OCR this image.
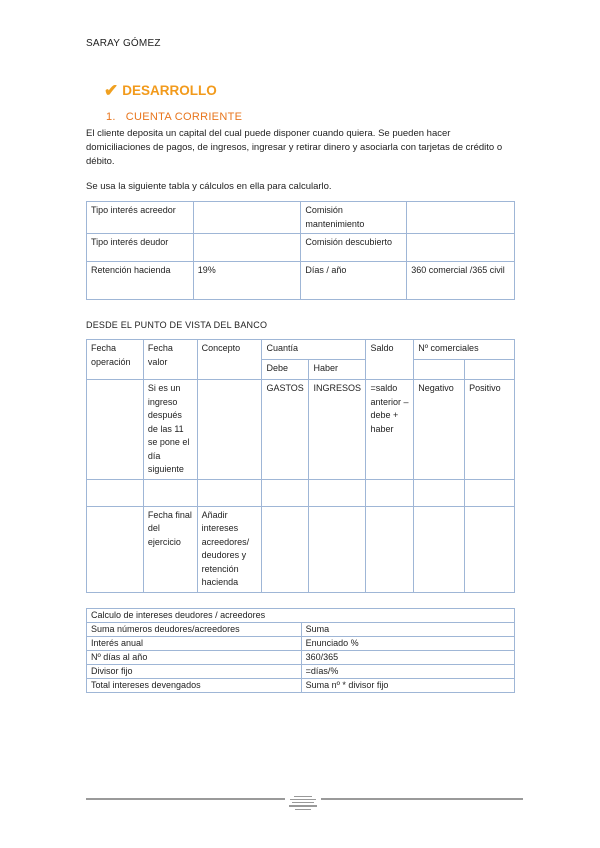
SARAY GÓMEZ
✔ DESARROLLO
1. CUENTA CORRIENTE
El cliente deposita un capital del cual puede disponer cuando quiera. Se pueden hacer domiciliaciones de pagos, de ingresos, ingresar y retirar dinero y asociarla con tarjetas de crédito o débito.
Se usa la siguiente tabla y cálculos en ella para calcularlo.
Tipo interés acreedor		Comisión mantenimiento	
Tipo interés deudor		Comisión descubierto	
Retención hacienda	19%	Días / año	360 comercial /365 civil
DESDE EL PUNTO DE VISTA DEL BANCO
Fecha operación	Fecha valor	Concepto	Cuantía		Saldo	Nº comerciales	
			Debe	Haber			
	Si es un ingreso después de las 11 se pone el día siguiente		GASTOS	INGRESOS	=saldo anterior – debe + haber	Negativo	Positivo

	Fecha final del ejercicio	Añadir intereses acreedores/ deudores y retención hacienda					
Calculo de intereses deudores / acreedores	
Suma números deudores/acreedores	Suma
Interés anual	Enunciado %
Nº días al año	360/365
Divisor fijo	=días/%
Total intereses devengados	Suma nº * divisor fijo
